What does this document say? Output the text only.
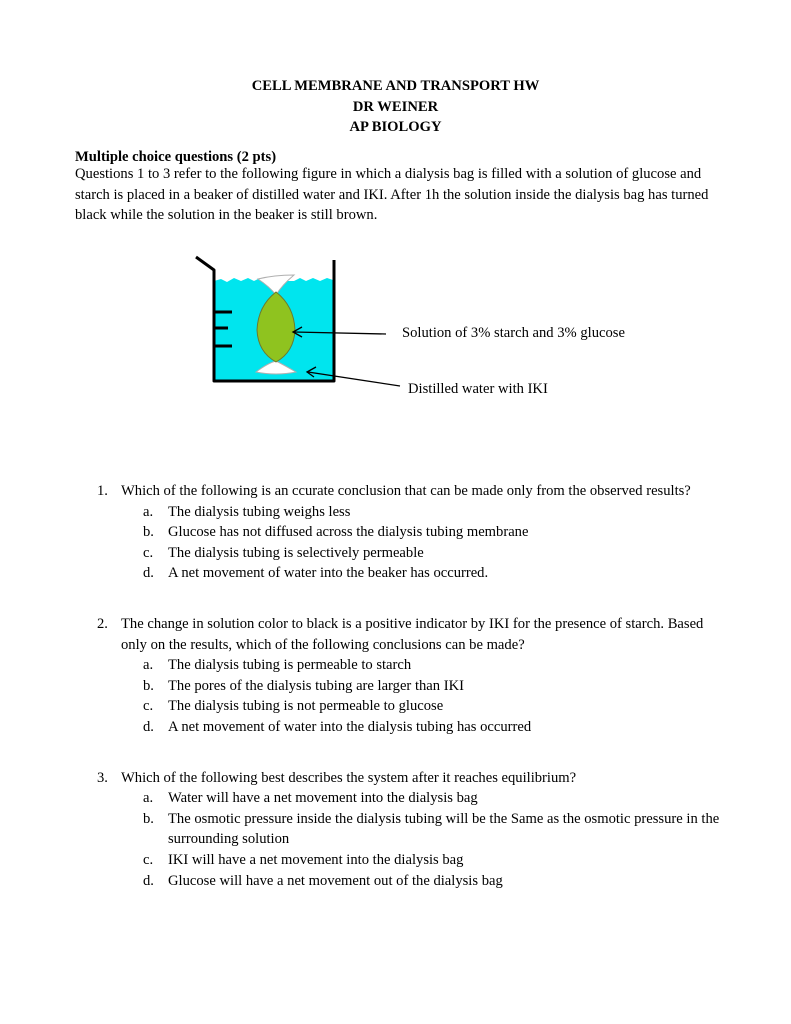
CELL MEMBRANE AND TRANSPORT HW
DR WEINER
AP BIOLOGY
Multiple choice questions (2 pts)
Questions 1 to 3 refer to the following figure in which a dialysis bag is filled with a solution of glucose and starch is placed in a beaker of distilled water and IKI. After 1h the solution inside the dialysis bag has turned black while the solution in the beaker is still brown.
Solution of 3% starch and 3% glucose
Distilled water with IKI
1. Which of the following is an ccurate conclusion that can be made only from the observed results?
a. The dialysis tubing weighs less
b. Glucose has not diffused across the dialysis tubing membrane
c. The dialysis tubing is selectively permeable
d. A net movement of water into the beaker has occurred.
2. The change in solution color to black is a positive indicator by IKI for the presence of starch. Based only on the results, which of the following conclusions can be made?
a. The dialysis tubing is permeable to starch
b. The pores of the dialysis tubing are larger than IKI
c. The dialysis tubing is not permeable to glucose
d. A net movement of water into the dialysis tubing has occurred
3. Which of the following best describes the system after it reaches equilibrium?
a. Water will have a net movement into the dialysis bag
b. The osmotic pressure inside the dialysis tubing will be the Same as the osmotic pressure in the surrounding solution
c. IKI will have a net movement into the dialysis bag
d. Glucose will have a net movement out of the dialysis bag
